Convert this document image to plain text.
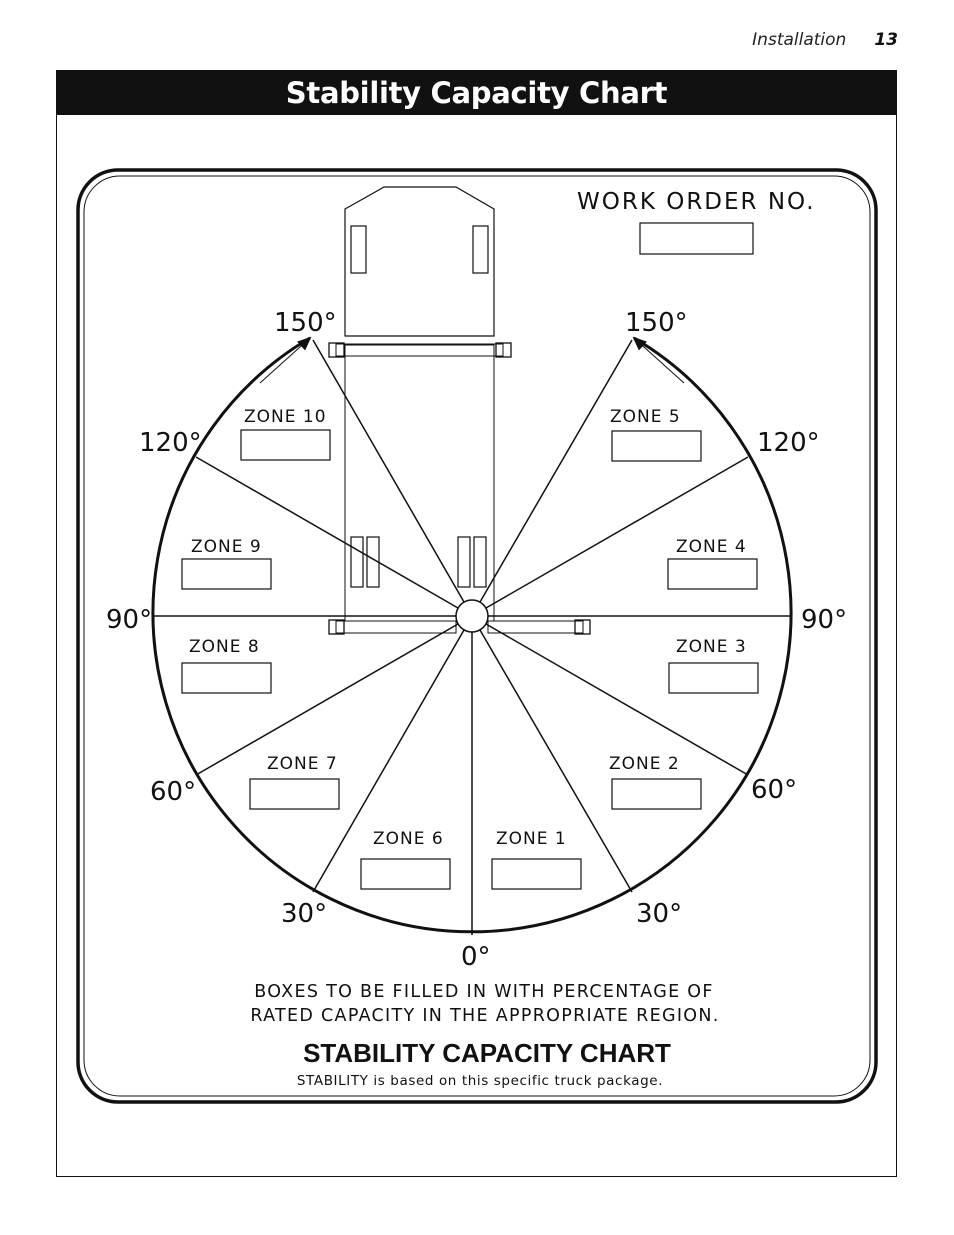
Installation 13
Stability Capacity Chart
150°	150°
120°	120°
90°	90°
60°	60°
30°	30°
0°
WORK ORDER NO.
ZONE 10	ZONE 5
ZONE 9	ZONE 4
ZONE 8	ZONE 3
ZONE 7	ZONE 2
ZONE 6	ZONE 1
BOXES TO BE FILLED IN WITH PERCENTAGE OF
RATED CAPACITY IN THE APPROPRIATE REGION.
STABILITY CAPACITY CHART
STABILITY is based on this specific truck package.
